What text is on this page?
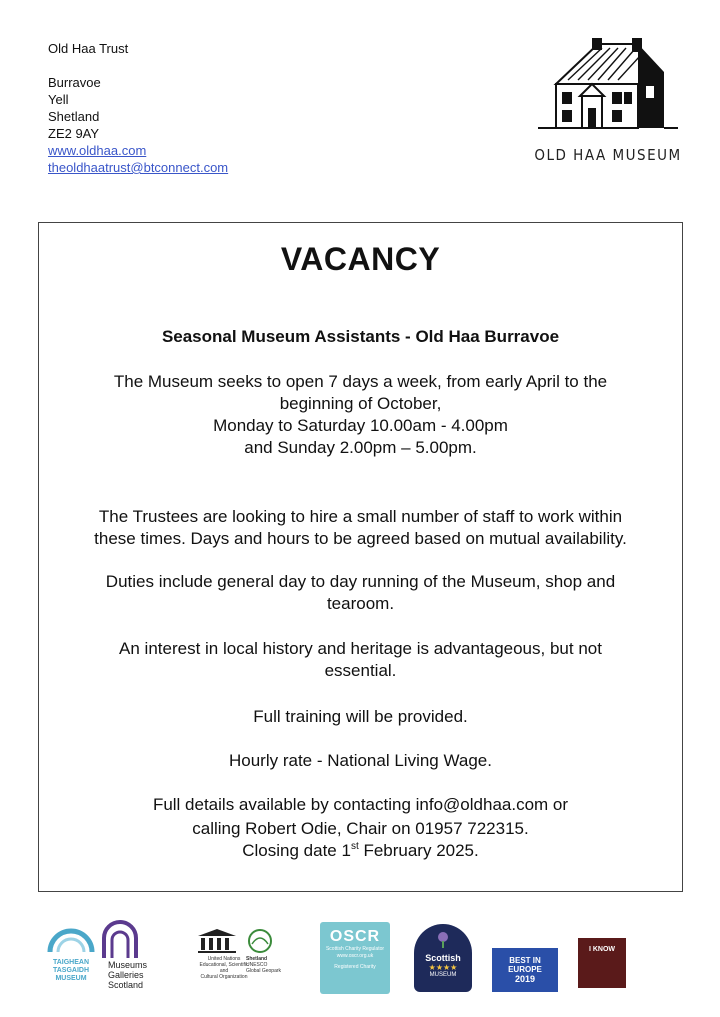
Old Haa Trust
Burravoe
Yell
Shetland
ZE2 9AY
www.oldhaa.com
theoldhaatrust@btconnect.com
OLD HAA MUSEUM
VACANCY

Seasonal Museum Assistants - Old Haa Burravoe

The Museum seeks to open 7 days a week, from early April to the

beginning of October,

Monday to Saturday 10.00am - 4.00pm

and Sunday 2.00pm – 5.00pm.

The Trustees are looking to hire a small number of staff to work within

these times. Days and hours to be agreed based on mutual availability.

Duties include general day to day running of the Museum, shop and

tearoom.

An interest in local history and heritage is advantageous, but not

essential.

Full training will be provided.

Hourly rate - National Living Wage.

Full details available by contacting info@oldhaa.com or

calling Robert Odie, Chair on 01957 722315.

Closing date 1st February 2025.

TAIGHEAN
TASGAIDH
MUSEUM
Museums
Galleries
Scotland
United Nations
Educational, Scientific and
Cultural Organization
Shetland
UNESCO
Global Geopark
OSCR
Scottish Charity Regulator
www.oscr.org.uk
Registered Charity
Scottish
★★★★
MUSEUM
BEST IN EUROPE
2019
I KNOW
